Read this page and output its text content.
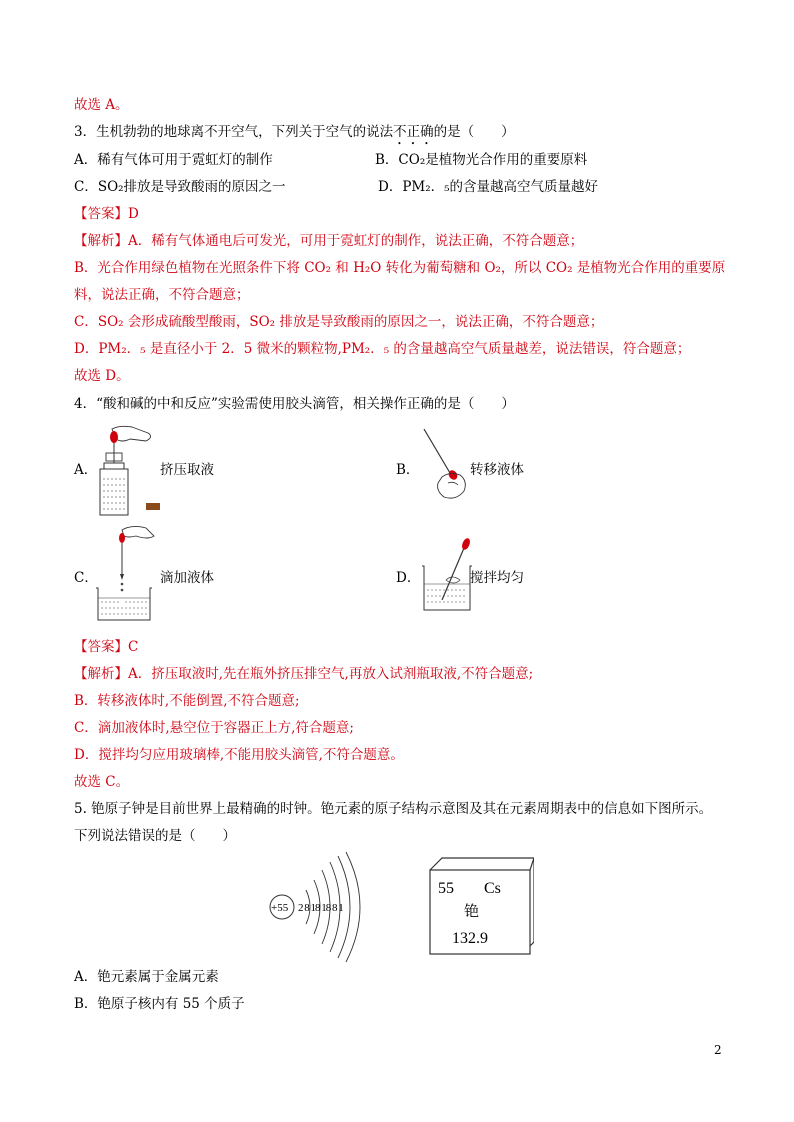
故选 A。
3．生机勃勃的地球离不开空气，下列关于空气的说法不正确的是（　　）
A．稀有气体可用于霓虹灯的制作	B．CO₂是植物光合作用的重要原料
C．SO₂排放是导致酸雨的原因之一	D．PM₂．₅的含量越高空气质量越好
【答案】D
【解析】A．稀有气体通电后可发光，可用于霓虹灯的制作，说法正确，不符合题意；
B．光合作用绿色植物在光照条件下将 CO₂ 和 H₂O 转化为葡萄糖和 O₂，所以 CO₂ 是植物光合作用的重要原
料，说法正确，不符合题意；
C．SO₂ 会形成硫酸型酸雨，SO₂ 排放是导致酸雨的原因之一，说法正确，不符合题意；
D．PM₂．₅ 是直径小于 2．5 微米的颗粒物,PM₂．₅ 的含量越高空气质量越差，说法错误，符合题意；
故选 D。
4．“酸和碱的中和反应”实验需使用胶头滴管，相关操作正确的是（　　）
A．	挤压取液	B．	转移液体
C．	滴加液体	D．	搅拌均匀
【答案】C
【解析】A．挤压取液时,先在瓶外挤压排空气,再放入试剂瓶取液,不符合题意;
B．转移液体时,不能倒置,不符合题意;
C．滴加液体时,悬空位于容器正上方,符合题意;
D．搅拌均匀应用玻璃棒,不能用胶头滴管,不符合题意。
故选 C。
5. 铯原子钟是目前世界上最精确的时钟。铯元素的原子结构示意图及其在元素周期表中的信息如下图所示。
下列说法错误的是（　　）
+55 2 8 18 18 8 1
55 Cs
铯
132.9
A．铯元素属于金属元素
B．铯原子核内有 55 个质子
2
